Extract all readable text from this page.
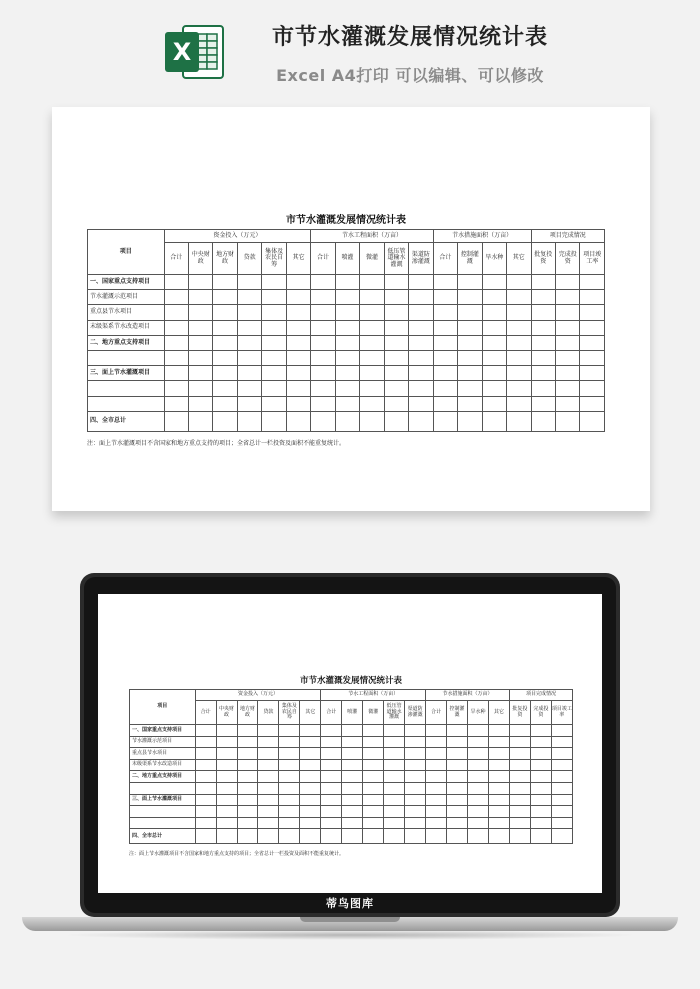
X
市节水灌溉发展情况统计表
Excel A4打印 可以编辑、可以修改
市节水灌溉发展情况统计表
项目	资金投入（万元）						节水工程面积（万亩）					节水措施面积（万亩）				项目完成情况		
	合计	中央财政	地方财政	贷款	集体及农民自筹	其它	合计	喷灌	微灌	低压管道输水灌溉	渠道防渗灌溉	合计	控制灌溉	旱水种	其它	批复投资	完成投资	项目竣工率
一、国家重点支持项目																		
节水灌溉示范项目																		
重点县节水项目																		
末级渠系节水改造项目																		
二、地方重点支持项目																		

三、面上节水灌溉项目																		

四、全市总计																		
注：面上节水灌溉项目不含国家和地方重点支持的项目；全省总计一栏投资及面积不能重复统计。
市节水灌溉发展情况统计表
项目	资金投入（万元）						节水工程面积（万亩）					节水措施面积（万亩）				项目完成情况		
	合计	中央财政	地方财政	贷款	集体及农民自筹	其它	合计	喷灌	微灌	低压管道输水灌溉	渠道防渗灌溉	合计	控制灌溉	旱水种	其它	批复投资	完成投资	项目竣工率
一、国家重点支持项目																		
节水灌溉示范项目																		
重点县节水项目																		
末级渠系节水改造项目																		
二、地方重点支持项目																		

三、面上节水灌溉项目																		

四、全市总计																		
注：面上节水灌溉项目不含国家和地方重点支持的项目；全省总计一栏投资及面积不能重复统计。
蒂鸟图库
